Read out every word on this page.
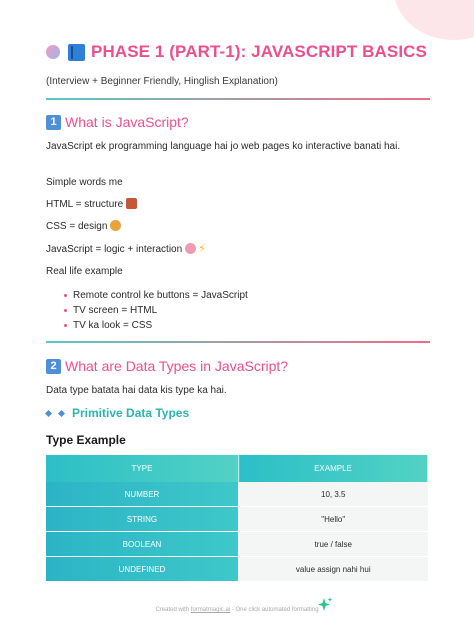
PHASE 1 (PART-1): JAVASCRIPT BASICS
(Interview + Beginner Friendly, Hinglish Explanation)
1 What is JavaScript?
JavaScript ek programming language hai jo web pages ko interactive banati hai.
Simple words me
HTML = structure
CSS = design
JavaScript = logic + interaction ⚡
Real life example
Remote control ke buttons = JavaScript
TV screen = HTML
TV ka look = CSS
2 What are Data Types in JavaScript?
Data type batata hai data kis type ka hai.
Primitive Data Types
Type Example
TYPE	EXAMPLE
NUMBER	10, 3.5
STRING	"Hello"
BOOLEAN	true / false
UNDEFINED	value assign nahi hui
Created with formatmagic.ai - One click automated formatting
